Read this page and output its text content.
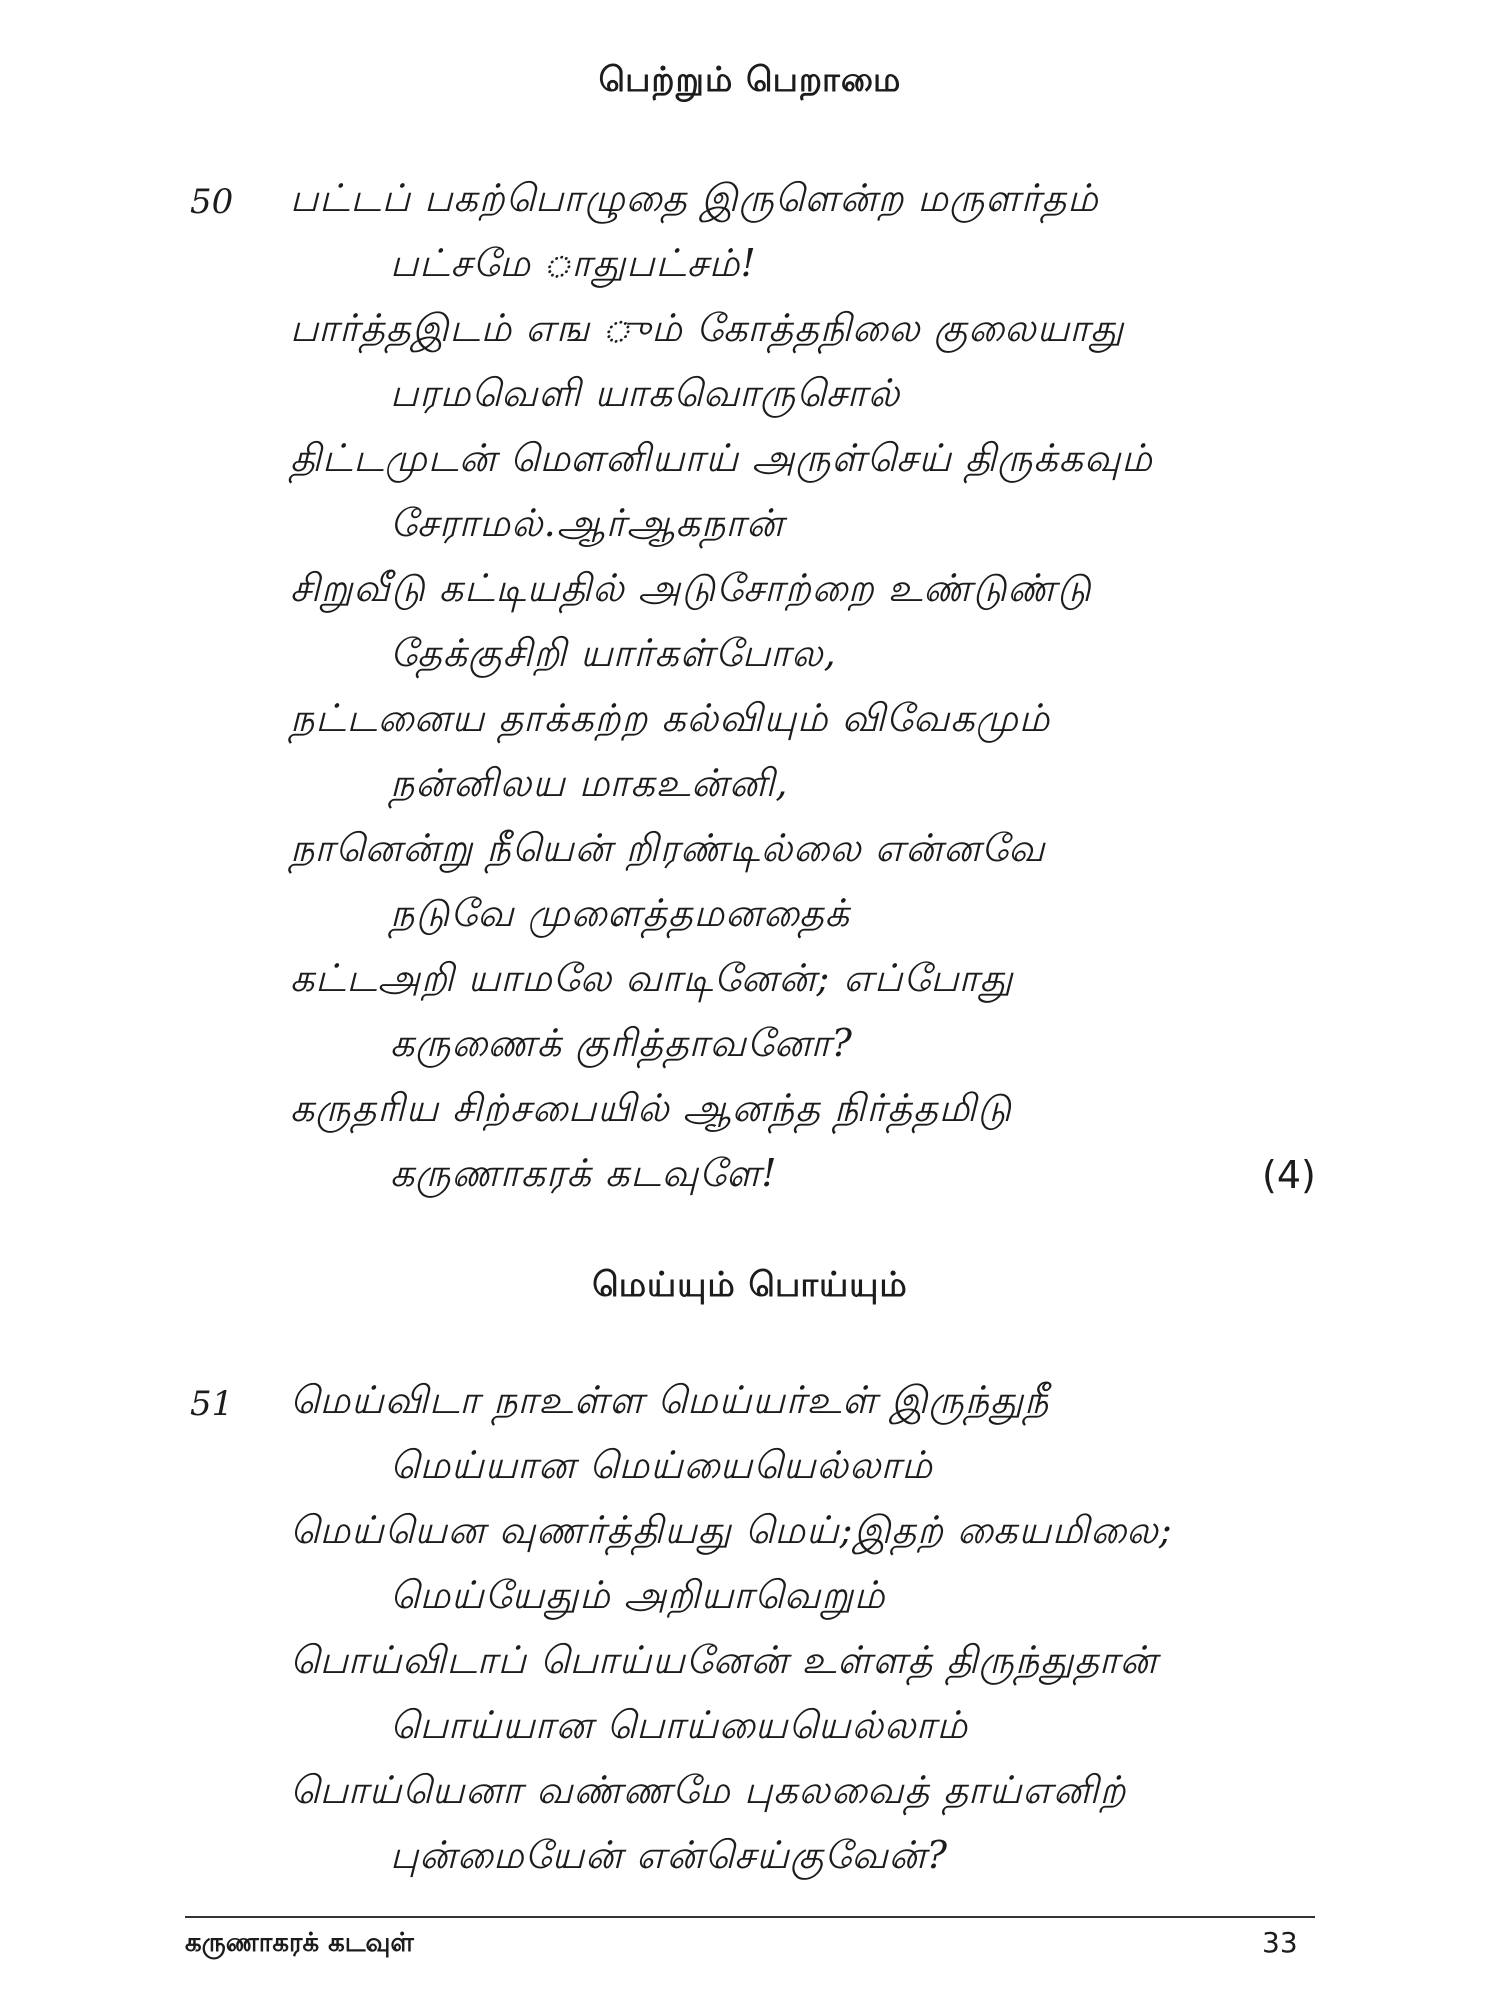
பெற்றும் பெறாமை
50 பட்டப் பகற்பொழுதை இருளென்ற மருளர்தம்
பட்சமே ாதுபட்சம்!
பார்த்தஇடம் எங ும் கோத்தநிலை குலையாது
பரமவெளி யாகவொருசொல்
திட்டமுடன் மௌனியாய் அருள்செய் திருக்கவும்
சேராமல்.ஆர்ஆகநான்
சிறுவீடு கட்டியதில் அடுசோற்றை உண்டுண்டு
தேக்குசிறி யார்கள்போல,
நட்டனைய தாக்கற்ற கல்வியும் விவேகமும்
நன்னிலய மாகஉன்னி,
நானென்று நீயென் றிரண்டில்லை என்னவே
நடுவே முளைத்தமனதைக்
கட்டஅறி யாமலே வாடினேன்; எப்போது
கருணைக் குரித்தாவனோ?
கருதரிய சிற்சபையில் ஆனந்த நிர்த்தமிடு
கருணாகரக் கடவுளே!	(4)
மெய்யும் பொய்யும்
51 மெய்விடா நாஉள்ள மெய்யர்உள் இருந்துநீ
மெய்யான மெய்யையெல்லாம்
மெய்யென வுணர்த்தியது மெய்;இதற் கையமிலை;
மெய்யேதும் அறியாவெறும்
பொய்விடாப் பொய்யனேன் உள்ளத் திருந்துதான்
பொய்யான பொய்யையெல்லாம்
பொய்யெனா வண்ணமே புகலவைத் தாய்எனிற்
புன்மையேன் என்செய்குவேன்?
கருணாகரக் கடவுள்	33
